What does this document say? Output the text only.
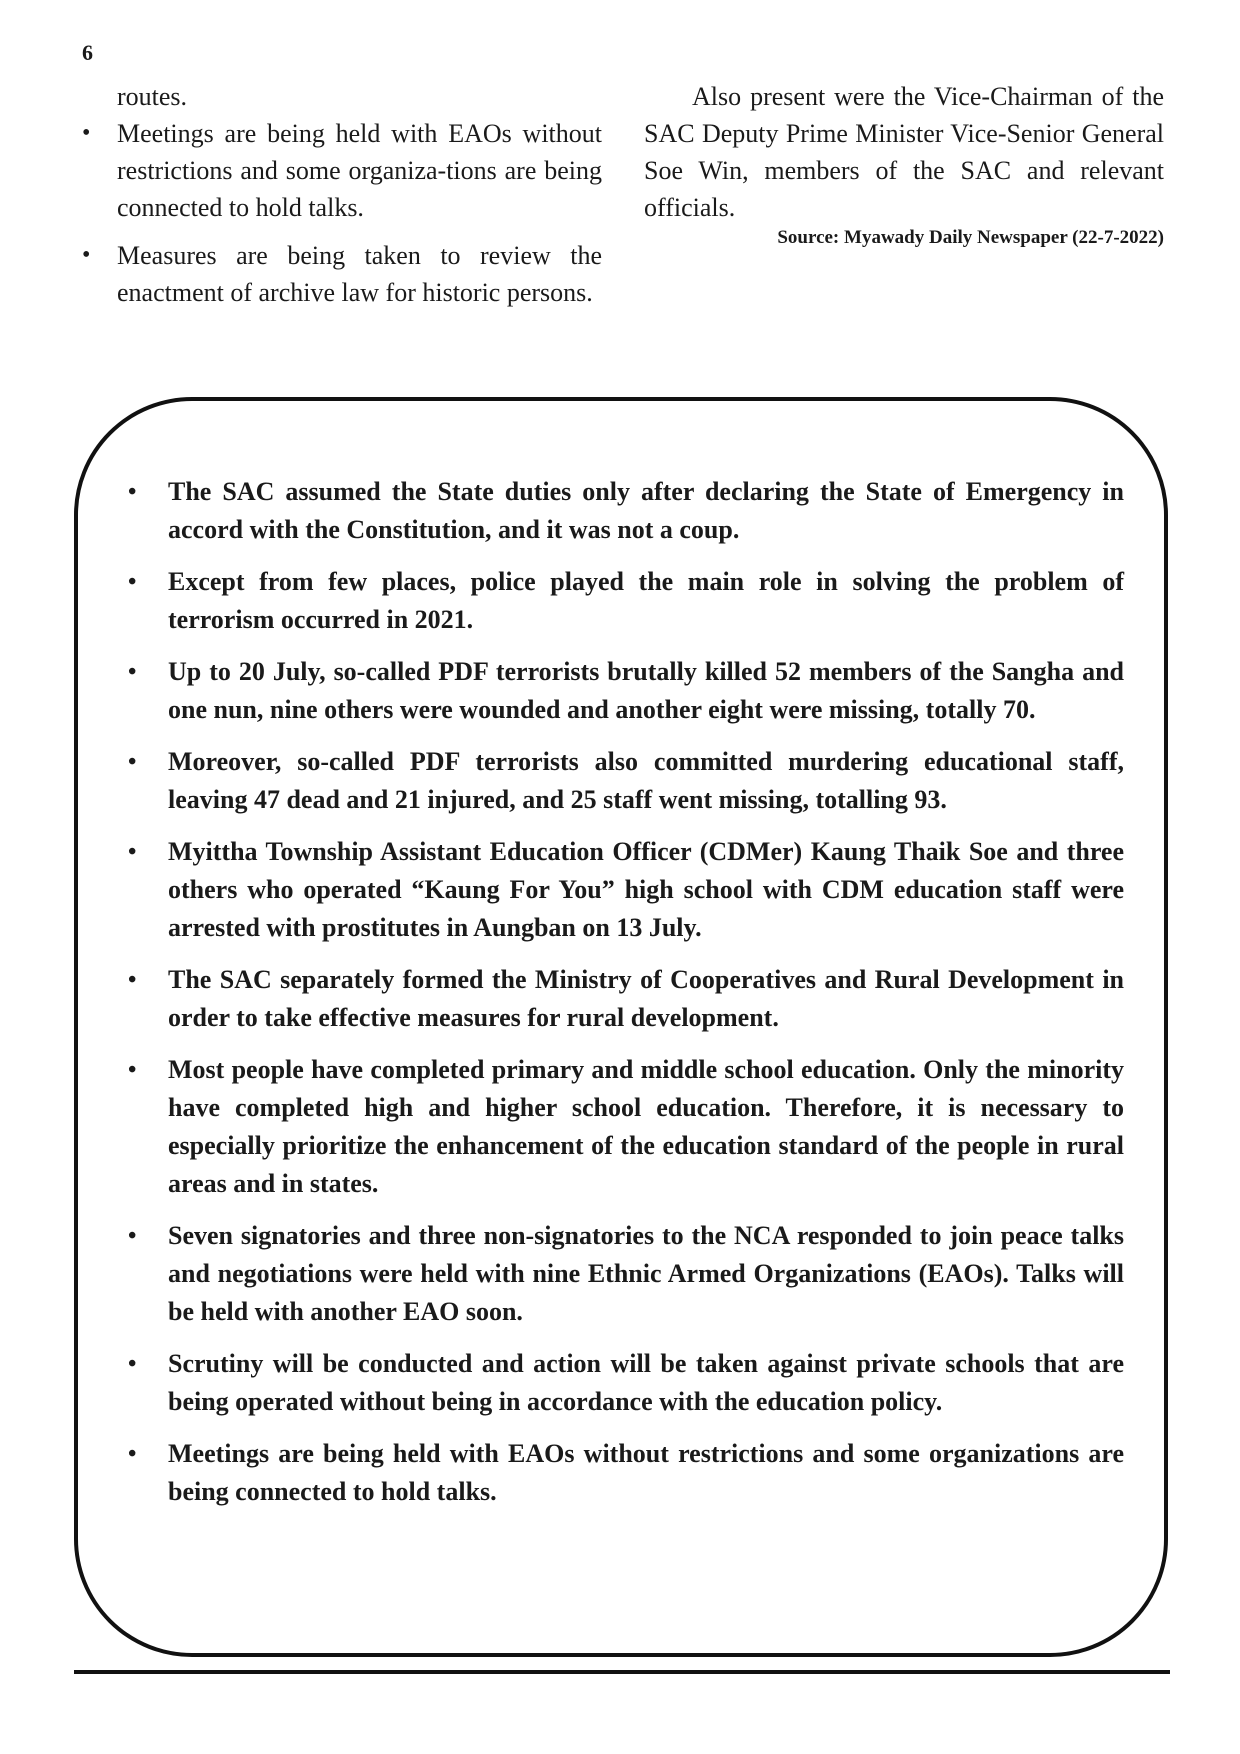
6

routes.

• Meetings are being held with EAOs without restrictions and some organiza-tions are being connected to hold talks.
• Measures are being taken to review the enactment of archive law for historic persons.

Also present were the Vice-Chairman of the SAC Deputy Prime Minister Vice-Senior General Soe Win, members of the SAC and relevant officials.

Source: Myawady Daily Newspaper (22-7-2022)

• The SAC assumed the State duties only after declaring the State of Emergency in accord with the Constitution, and it was not a coup.
• Except from few places, police played the main role in solving the problem of terrorism occurred in 2021.
• Up to 20 July, so-called PDF terrorists brutally killed 52 members of the Sangha and one nun, nine others were wounded and another eight were missing, totally 70.
• Moreover, so-called PDF terrorists also committed murdering educational staff, leaving 47 dead and 21 injured, and 25 staff went missing, totalling 93.
• Myittha Township Assistant Education Officer (CDMer) Kaung Thaik Soe and three others who operated “Kaung For You” high school with CDM education staff were arrested with prostitutes in Aungban on 13 July.
• The SAC separately formed the Ministry of Cooperatives and Rural Development in order to take effective measures for rural development.
• Most people have completed primary and middle school education. Only the minority have completed high and higher school education. Therefore, it is necessary to especially prioritize the enhancement of the education standard of the people in rural areas and in states.
• Seven signatories and three non-signatories to the NCA responded to join peace talks and negotiations were held with nine Ethnic Armed Organizations (EAOs). Talks will be held with another EAO soon.
• Scrutiny will be conducted and action will be taken against private schools that are being operated without being in accordance with the education policy.
• Meetings are being held with EAOs without restrictions and some organizations are being connected to hold talks.
